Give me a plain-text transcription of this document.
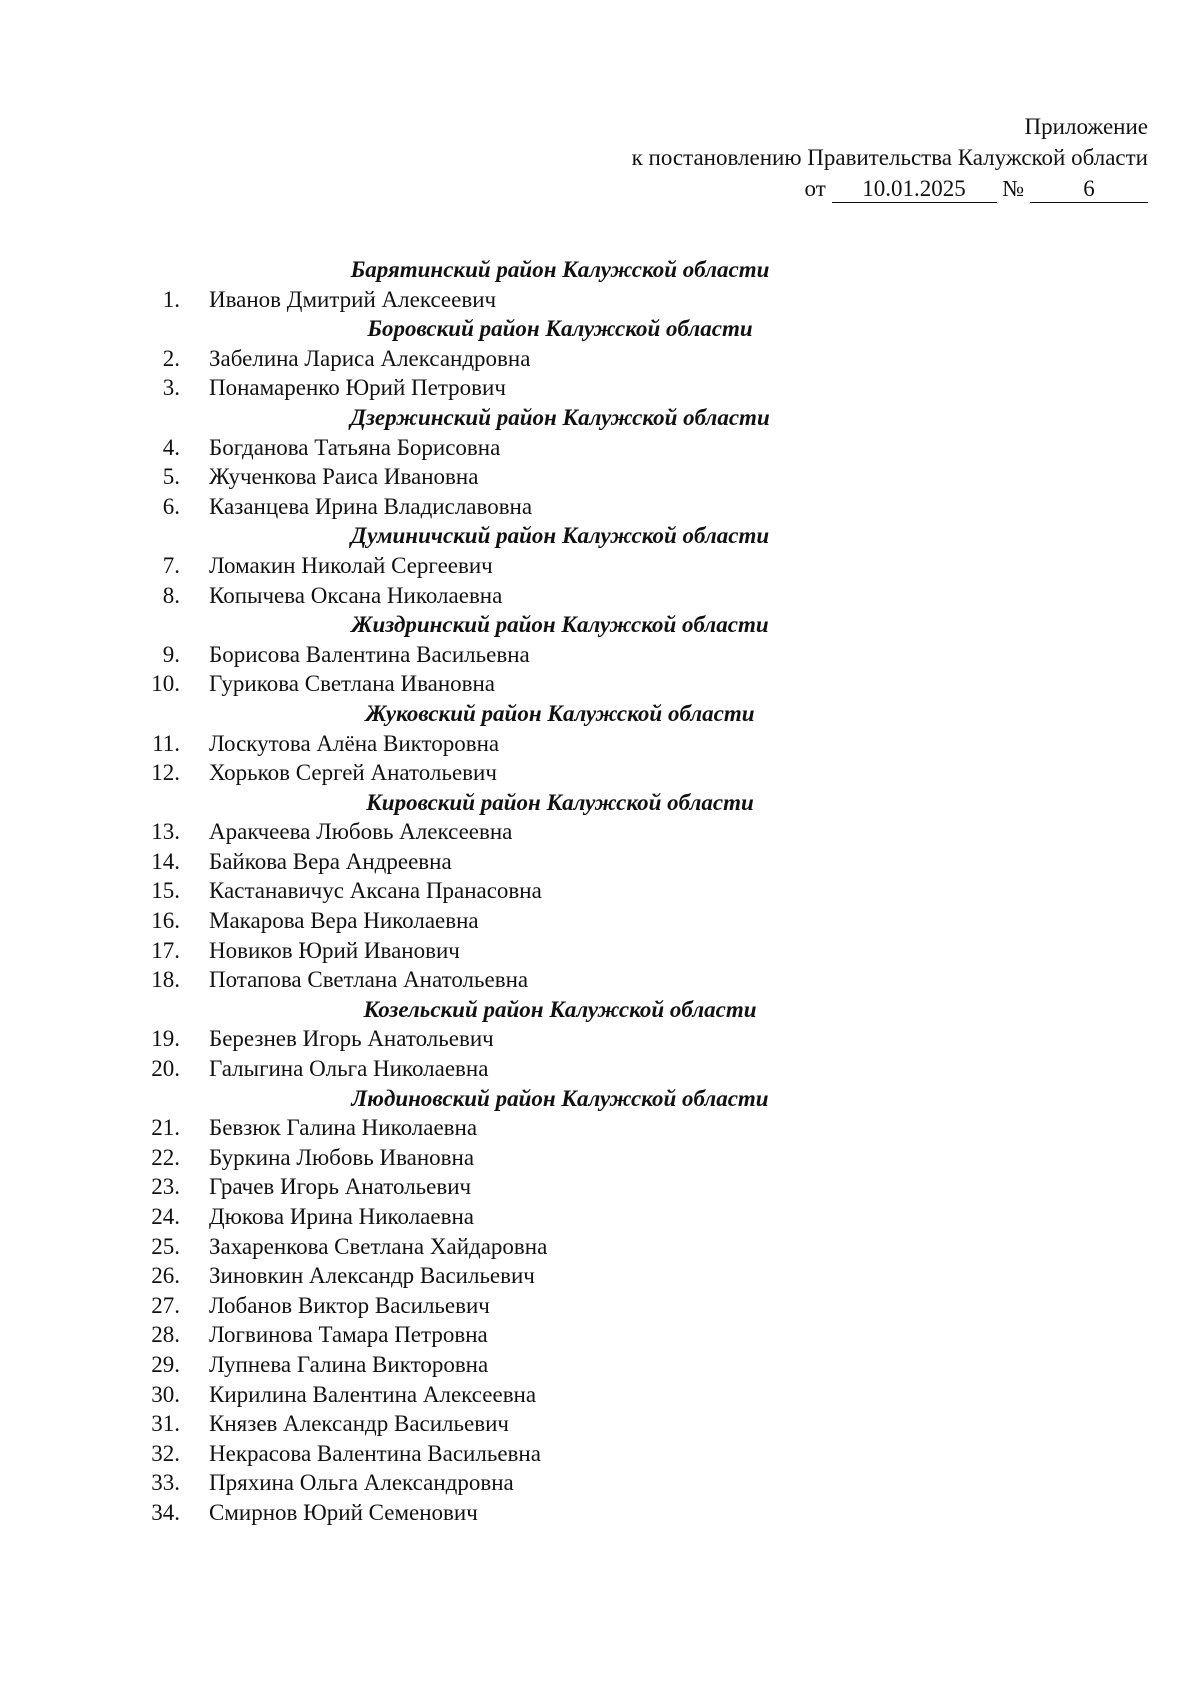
Приложение
к постановлению Правительства Калужской области
от 10.01.2025 №	6
Барятинский район Калужской области
1. Иванов Дмитрий Алексеевич
Боровский район Калужской области
2. Забелина Лариса Александровна
3. Понамаренко Юрий Петрович
Дзержинский район Калужской области
4. Богданова Татьяна Борисовна
5. Жученкова Раиса Ивановна
6. Казанцева Ирина Владиславовна
Думиничский район Калужской области
7. Ломакин Николай Сергеевич
8. Копычева Оксана Николаевна
Жиздринский район Калужской области
9. Борисова Валентина Васильевна
10. Гурикова Светлана Ивановна
Жуковский район Калужской области
11. Лоскутова Алёна Викторовна
12. Хорьков Сергей Анатольевич
Кировский район Калужской области
13. Аракчеева Любовь Алексеевна
14. Байкова Вера Андреевна
15. Кастанавичус Аксана Пранасовна
16. Макарова Вера Николаевна
17. Новиков Юрий Иванович
18. Потапова Светлана Анатольевна
Козельский район Калужской области
19. Березнев Игорь Анатольевич
20. Галыгина Ольга Николаевна
Людиновский район Калужской области
21. Бевзюк Галина Николаевна
22. Буркина Любовь Ивановна
23. Грачев Игорь Анатольевич
24. Дюкова Ирина Николаевна
25. Захаренкова Светлана Хайдаровна
26. Зиновкин Александр Васильевич
27. Лобанов Виктор Васильевич
28. Логвинова Тамара Петровна
29. Лупнева Галина Викторовна
30. Кирилина Валентина Алексеевна
31. Князев Александр Васильевич
32. Некрасова Валентина Васильевна
33. Пряхина Ольга Александровна
34. Смирнов Юрий Семенович
